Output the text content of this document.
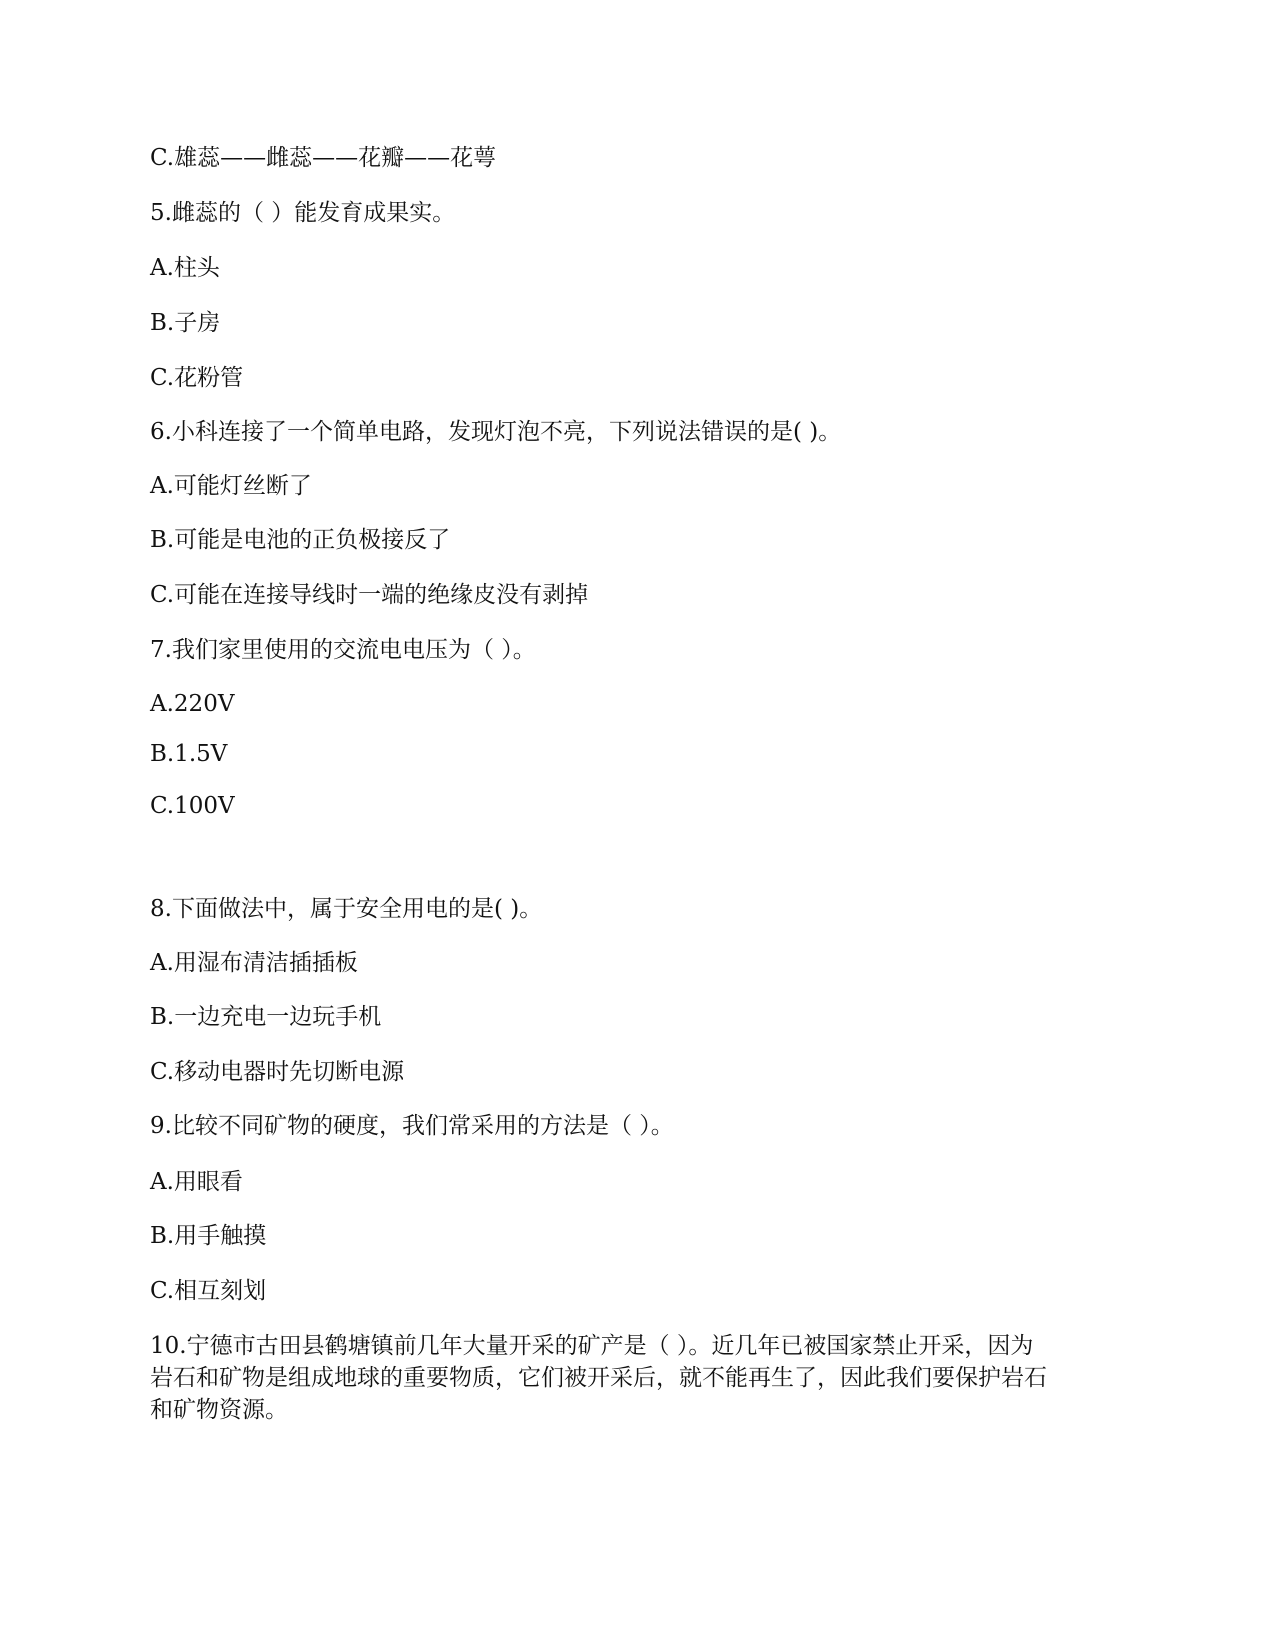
C.雄蕊——雌蕊——花瓣——花萼

5.雌蕊的（ ）能发育成果实。

A.柱头

B.子房

C.花粉管

6.小科连接了一个简单电路，发现灯泡不亮，下列说法错误的是( )。

A.可能灯丝断了

B.可能是电池的正负极接反了

C.可能在连接导线时一端的绝缘皮没有剥掉

7.我们家里使用的交流电电压为（ ）。

A.220V

B.1.5V

C.100V

8.下面做法中，属于安全用电的是( )。

A.用湿布清洁插插板

B.一边充电一边玩手机

C.移动电器时先切断电源

9.比较不同矿物的硬度，我们常采用的方法是（ ）。

A.用眼看

B.用手触摸

C.相互刻划

10.宁德市古田县鹤塘镇前几年大量开采的矿产是（ ）。近几年已被国家禁止开采，因为
岩石和矿物是组成地球的重要物质，它们被开采后，就不能再生了，因此我们要保护岩石
和矿物资源。
